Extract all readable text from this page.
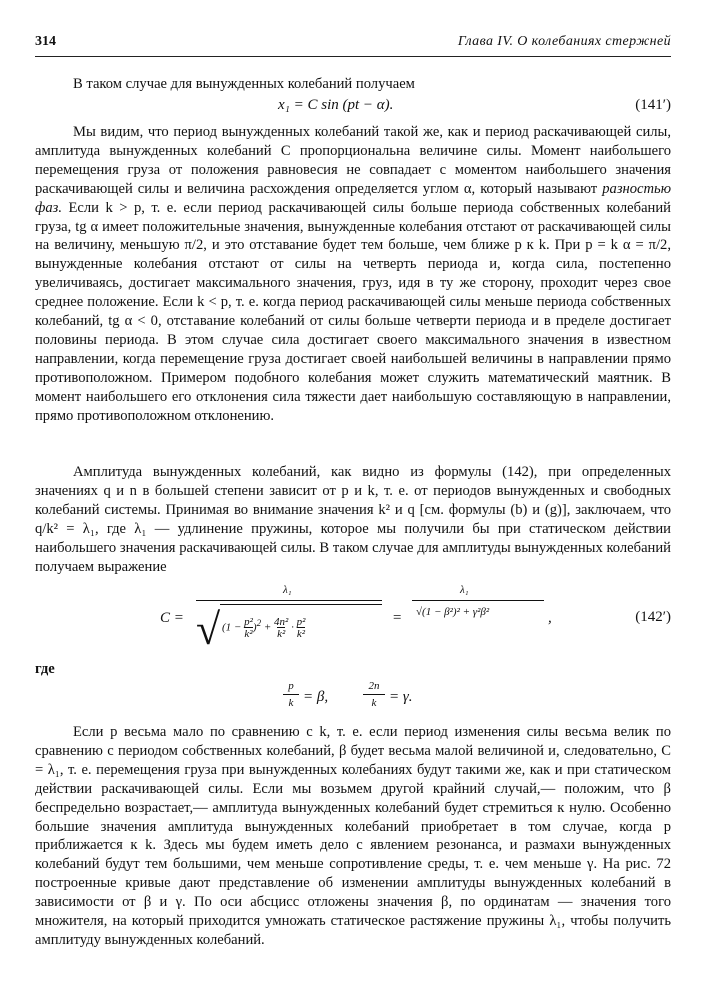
314	Глава IV. О колебаниях стержней

В таком случае для вынужденных колебаний получаем

x₁ = C sin (pt − α).	(141′)

Мы видим, что период вынужденных колебаний такой же, как и период раскачивающей силы, амплитуда вынужденных колебаний C пропорциональна величине силы. Момент наибольшего перемещения груза от положения равновесия не совпадает с моментом наибольшего значения раскачивающей силы и величина расхождения определяется углом α, который называют разностью фаз. Если k > p, т. е. если период раскачивающей силы больше периода собственных колебаний груза, tg α имеет положительные значения, вынужденные колебания отстают от раскачивающей силы на величину, меньшую π/2, и это отставание будет тем больше, чем ближе p к k. При p = k α = π/2, вынужденные колебания отстают от силы на четверть периода и, когда сила, постепенно увеличиваясь, достигает максимального значения, груз, идя в ту же сторону, проходит через свое среднее положение. Если k < p, т. е. когда период раскачивающей силы меньше периода собственных колебаний, tg α < 0, отставание колебаний от силы больше четверти периода и в пределе достигает половины периода. В этом случае сила достигает своего максимального значения в известном направлении, когда перемещение груза достигает своей наибольшей величины в направлении прямо противоположном. Примером подобного колебания может служить математический маятник. В момент наибольшего его отклонения сила тяжести дает наибольшую составляющую в направлении, прямо противоположном отклонению.

Амплитуда вынужденных колебаний, как видно из формулы (142), при определенных значениях q и n в большей степени зависит от p и k, т. е. от периодов вынужденных и свободных колебаний системы. Принимая во внимание значения k² и q [см. формулы (b) и (g)], заключаем, что q/k² = λ₁, где λ₁ — удлинение пружины, которое мы получили бы при статическом действии наибольшего значения раскачивающей силы. В таком случае для амплитуды вынужденных колебаний получаем выражение

C = √
λ₁
$(1 - \frac{\text{p²}}{\text{k²}})^2 + \frac{\text{4n²}}{\text{k²}} \cdot \frac{\text{p²}}{\text{k²}}$	=
λ₁
√(1 − β²)² + γ²β²	,	(142′)
где
p
k = β,
2n
k = γ.

Если p весьма мало по сравнению с k, т. е. если период изменения силы весьма велик по сравнению с периодом собственных колебаний, β будет весьма малой величиной и, следовательно, C = λ₁, т. е. перемещения груза при вынужденных колебаниях будут такими же, как и при статическом действии раскачивающей силы. Если мы возьмем другой крайний случай,— положим, что β беспредельно возрастает,— амплитуда вынужденных колебаний будет стремиться к нулю. Особенно большие значения амплитуда вынужденных колебаний приобретает в том случае, когда p приближается к k. Здесь мы будем иметь дело с явлением резонанса, и размахи вынужденных колебаний будут тем большими, чем меньше сопротивление среды, т. е. чем меньше γ. На рис. 72 построенные кривые дают представление об изменении амплитуды вынужденных колебаний в зависимости от β и γ. По оси абсцисс отложены значения β, по ординатам — значения того множителя, на который приходится умножать статическое растяжение пружины λ₁, чтобы получить амплитуду вынужденных колебаний.
